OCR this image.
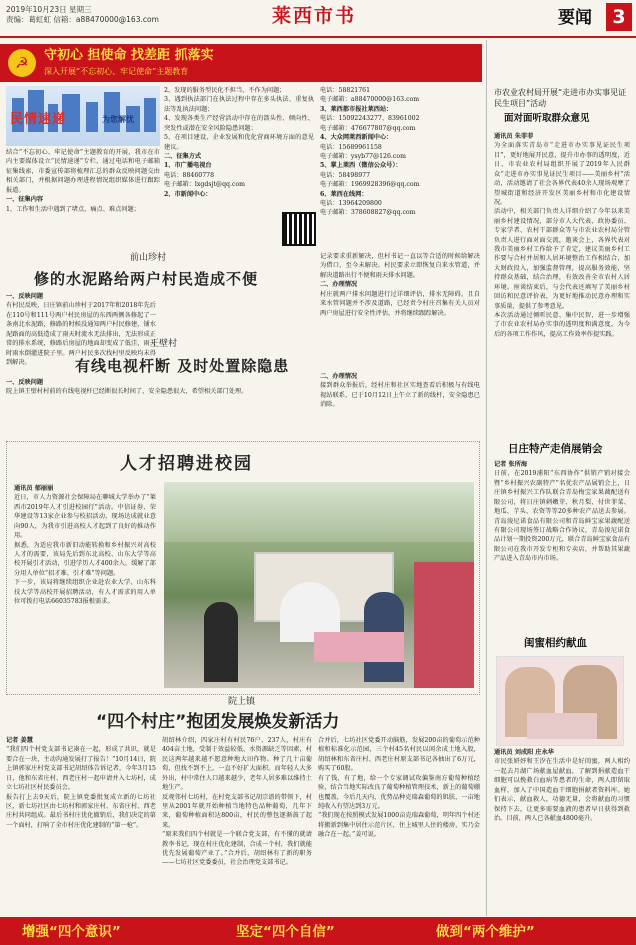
2019年10月23日 星期三
责编：葛虹虹 信箱：a88470000@163.com	莱西市书	要闻	3
☭	守初心 担使命 找差距 抓落实
深入开展“不忘初心、牢记使命”主题教育
民情速递	为您解忧

结合“不忘初心、牢记使命”主题教育的开展，我市在市内主要媒体设立“民情速递”专栏，通过电话和电子邮箱征集线索，市委宣传部将梳理汇总的群众反映问题交由相关部门，并根据问题办理进程情况组织媒体进行跟踪报道。

一、征集内容

1、工作和生活中遇到了堵点、痛点、难点问题；

2、发现的服务型民化不担当、不作为问题；

3、遇到执法部门在执法过程中存在多头执法、重复执法等乱执法问题；

4、发现各类生产经营活动中存在的箭头性、倾向性、突发性或潜在安全风险隐患问题；

5、在项目建设、企业发展和优化营商环境方面的意见建议。

二、征集方式

1、市广播电视台

电话：88460778

电子邮箱：lxgdsjt@qq.com

2、市新闻中心：

电话：58821761

电子邮箱：a88470000@163.com

3、莱西都市报社莱西站：

电话：15092243277、83961002

电子邮箱：476677807@qq.com

4、大众网莱西新闻中心：

电话：15689961158

电子邮箱：ysyb77@126.com

5、掌上莱西（微信公众号）：

电话：58498977

电子邮箱：1969928396@qq.com

6、莱西在线网：

电话：13964209800

电子邮箱：378608827@qq.com

前山珍村
修的水泥路给两户村民造成不便

一、反映问题

有村民反映，日庄镇前山珍村于2017年和2018年先后在110号和111号两户村民房屋的东西两侧各修起了一条南北水泥路，修路的时候没通知两户村民修建，铺水泥路面的高低造成了雨天时流水无法排出，无法形成正常的排水系统，修路后房屋的地面却变成了低洼，雨天时雨水倒灌进院子里。两户村民多次找村里反映均未得到解决。

记录要求重新解决，但村书记一直以等合适的时候给解决为借口，至今未解决。村民要求立即恢复自来水管道，并解决道路出行不便和雨天排水问题。

二、办理情况

村庄就两户排水问题进行过详细评估，排水无障碍，且自来水管问题并不涉及道路，已经责令村庄召集有关人员对两户房屋进行安全性评估，并将继续跟踪解决。

王壁村
有线电视杆断 及时处置除隐患

一、反映问题

院上镇王壁村村前的有线电视杆已经断很长时间了，安全隐患很大，希望相关部门处理。

二、办理情况

接到群众举报后，经村庄和社区实地查看后积极与有线电视站联系，已于10月12日上午立了新的线杆，安全隐患已消除。

人才招聘进校园

通讯员 郁丽丽

近日，市人力资源社会保障局在聊城大学举办了“莱西市2019年人才引进校园行”活动。中信证券、荣华建设等13家企业参与校招活动，现场达成就业意向90人，为我市引进高校人才起到了良好的推动作用。

据悉，为适应我市新旧动能转换和乡村振兴对高校人才的需要，该局先后到东北高校、山东大学等高校开展引才活动，引进学历人才400余人，缓解了部分用人单位“招才难、引才难”等问题。

下一步，该局将继续组织企业赴农业大学、山东科技大学等高校开展招聘活动，有人才需求的用人单位可拨打电话66035783报根需求。

院上镇
“四个村庄”抱团发展焕发新活力

记者 姜慧

“我们四个村党支部书记凑在一起，形成了共识，就是要合在一块，主动沟通发展打了报告！”10月14日，院上镇郭家庄村党支部书记胡绍体告诉记者，今年3月15日，他和东省庄村、西老庄村一起申请并入七坊村，成立七坊社区村民委员会。

报告打上去9天后，院上镇党委批复成立新的七坊社区，新七坊社区由七坊村和郭家庄村、东省庄村、西老庄村共同组成。最后书村庄优化撤销后，我们决定的第一个面村，打响了全市村庄优化建制的“第一枪”。

胡绍林介绍，四家庄村有村民76户、237人，村庄有404亩土地，受制于效益较低、水资源缺乏等因素，村民这两年越来越不愿意种地大田作物。种了几十亩葡萄，但找不到不上，一直不好扩大面积。而年轻人大多外出，村中常住人口越来越少，老年人居多难以维持土地生产。

反观邻村七坊村，在村党支部书记胡宗谱的带领下，村里从2001年就开始种植当地特色品种葡萄，几年下来，葡萄种植面积达800亩，村民的整包逐渐鼓了起来。

“原来我们四个村就是一个联合党支部，有不懂的就请教李书记，现在村庄优化建制，合成一个村，我们就能优先发展葡萄产业了。”合并后，胡绍林有了新的职务——七坊社区党委委员，社会治理党支部书记。

合并后，七坊社区党委开动脑筋，发展200亩的葡萄示范种植和标准化示范园，三个村45名村民以闲余成土地入股，胡绍林和东省庄村、西老庄村原支部书记各抽出了6万元，购买了60股。

有了钱，有了地，给一个专家调试攻偏鉴南方葡萄种植经验，结合当地实际改良了葡萄种植管理技术，新上的葡萄棚也覆盖，今后几天内，优势品种克瑞森葡萄的肌肤，一亩地纯收入有望达到3万元。

“我们现在按照模式发展1000亩克瑞森葡萄，明年四个村还将搬新到集中居住示范片区，住上城里人住的楼房，实乃金融合在一起。”姜可说。

市农业农村局开展“走进市办实事见证民生项目”活动
面对面听取群众意见

通讯员 朱菲菲

为全面落实青岛市“走进市办实事见证民生项目”，更好地展开民意，提升市办事的透明度，近日，市农业农村局组织开展了2019年人民群众“走进市办实事见证民生项目——美丽乡村”活动，活动邀请了社会各界代表40余人现场观摩了望城街道和经济开发区美丽乡村和市化建设情况。

活动中，相关部门负责人详细介绍了今年以来美丽乡村建设情况，部分市人大代表、政协委员、专家学者、农村干部群众等与市农业农村局分管负责人进行面对面交流，邀谈会上，各界代表对我市美丽乡村工作给予了肯定，建议美丽乡村工作要与合村并居和人居环境整治工作相结合，加大财政投入，加强监督管理，提高服务效能，坚持群众基础，结合治理，有效改善全市农村人居环境。座谈结束后，与会代表还填写了美丽乡村回访和民意评价表，为更好地推动民意办理和实事质量，提供了参考意见。

本次活动通过倾听民意、集中民智，进一步增强了市农业农村局办实事的透明度和满意度，为今后的各项工作作风，提高工作效率作提实践。

日庄特产走俏展销会

记者 张所海

日前，在2019浦阳“东西协作”供销产销对接会暨“乡村振兴农副特产”名优农产品展销会上，日庄镇乡村振兴工作队联合青岛梅宝家果蔬配送有限公司，将日庄镇刺嫩芽、秋月梨、付世菲菜、地瓜、芋头、农资等等20多种农产品送去参展。青岛浚尼诺食品有限公司和青岛鲜宝家果蔬配送有限公司现场签订战略合作协议，青岛浚尼诺食品计划一期投资200万元，联合青岛鲜宝家食品有限公司在我市开发专柜和专卖店，并帮助其果蔬产品进入青岛市内市场。

闺蜜相约献血

通讯员 刘成阳 庄永华

市民张妍妤和王汐在生活中是好闺蜜，两人相约一起去月湖广场献血屋献血，了解到捐献造血干细胞可以挽救白血病等患者的生命，两人即留取血样，加入了中国造血干细胞捐献者资料库。她们表示，献血救人，功德无量，会将献血的习惯保持下去，让更多需要血液的患者早日获得到救治。目前，两人已各献血4800毫升。

增强“四个意识”	坚定“四个自信”	做到“两个维护”
